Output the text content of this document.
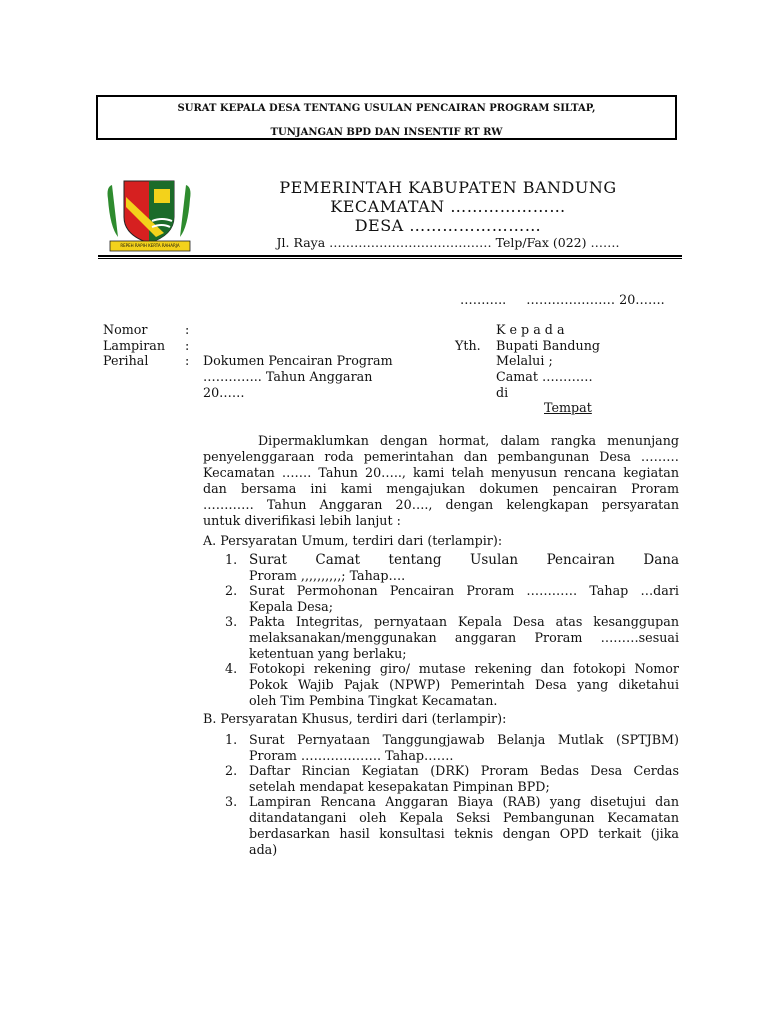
SURAT KEPALA DESA TENTANG USULAN PENCAIRAN PROGRAM SILTAP,
TUNJANGAN BPD DAN INSENTIF RT RW
REPEH RAPIH KERTA RAHARJA
PEMERINTAH KABUPATEN BANDUNG
KECAMATAN …………………
DESA ……………………
Jl. Raya ………………………………… Telp/Fax (022) …….
………..     ………………… 20…….
Nomor	:
Lampiran :
Perihal	: Dokumen Pencairan Program
………….. Tahun Anggaran
20……
K e p a d a
Yth. Bupati Bandung
Melalui ;
Camat …………
di
Tempat
Dipermaklumkan dengan hormat, dalam rangka menunjang
penyelenggaraan roda pemerintahan dan pembangunan Desa ………
Kecamatan ……. Tahun 20….., kami telah menyusun rencana kegiatan
dan bersama ini kami mengajukan dokumen pencairan Proram
………… Tahun Anggaran 20…., dengan kelengkapan persyaratan
untuk diverifikasi lebih lanjut :
A. Persyaratan Umum, terdiri dari (terlampir):
1. Surat Camat tentang Usulan Pencairan Dana
Proram ,,,,,,,,,,; Tahap….
2. Surat Permohonan Pencairan Proram ………… Tahap …dari
Kepala Desa;
3. Pakta Integritas, pernyataan Kepala Desa atas kesanggupan
melaksanakan/menggunakan anggaran Proram ………sesuai
ketentuan yang berlaku;
4. Fotokopi rekening giro/ mutase rekening dan fotokopi Nomor
Pokok Wajib Pajak (NPWP) Pemerintah Desa yang diketahui
oleh Tim Pembina Tingkat Kecamatan.
B. Persyaratan Khusus, terdiri dari (terlampir):
1. Surat Pernyataan Tanggungjawab Belanja Mutlak (SPTJBM)
Proram ………………. Tahap…….
2. Daftar Rincian Kegiatan (DRK) Proram Bedas Desa Cerdas
setelah mendapat kesepakatan Pimpinan BPD;
3. Lampiran Rencana Anggaran Biaya (RAB) yang disetujui dan
ditandatangani oleh Kepala Seksi Pembangunan Kecamatan
berdasarkan hasil konsultasi teknis dengan OPD terkait (jika
ada)
